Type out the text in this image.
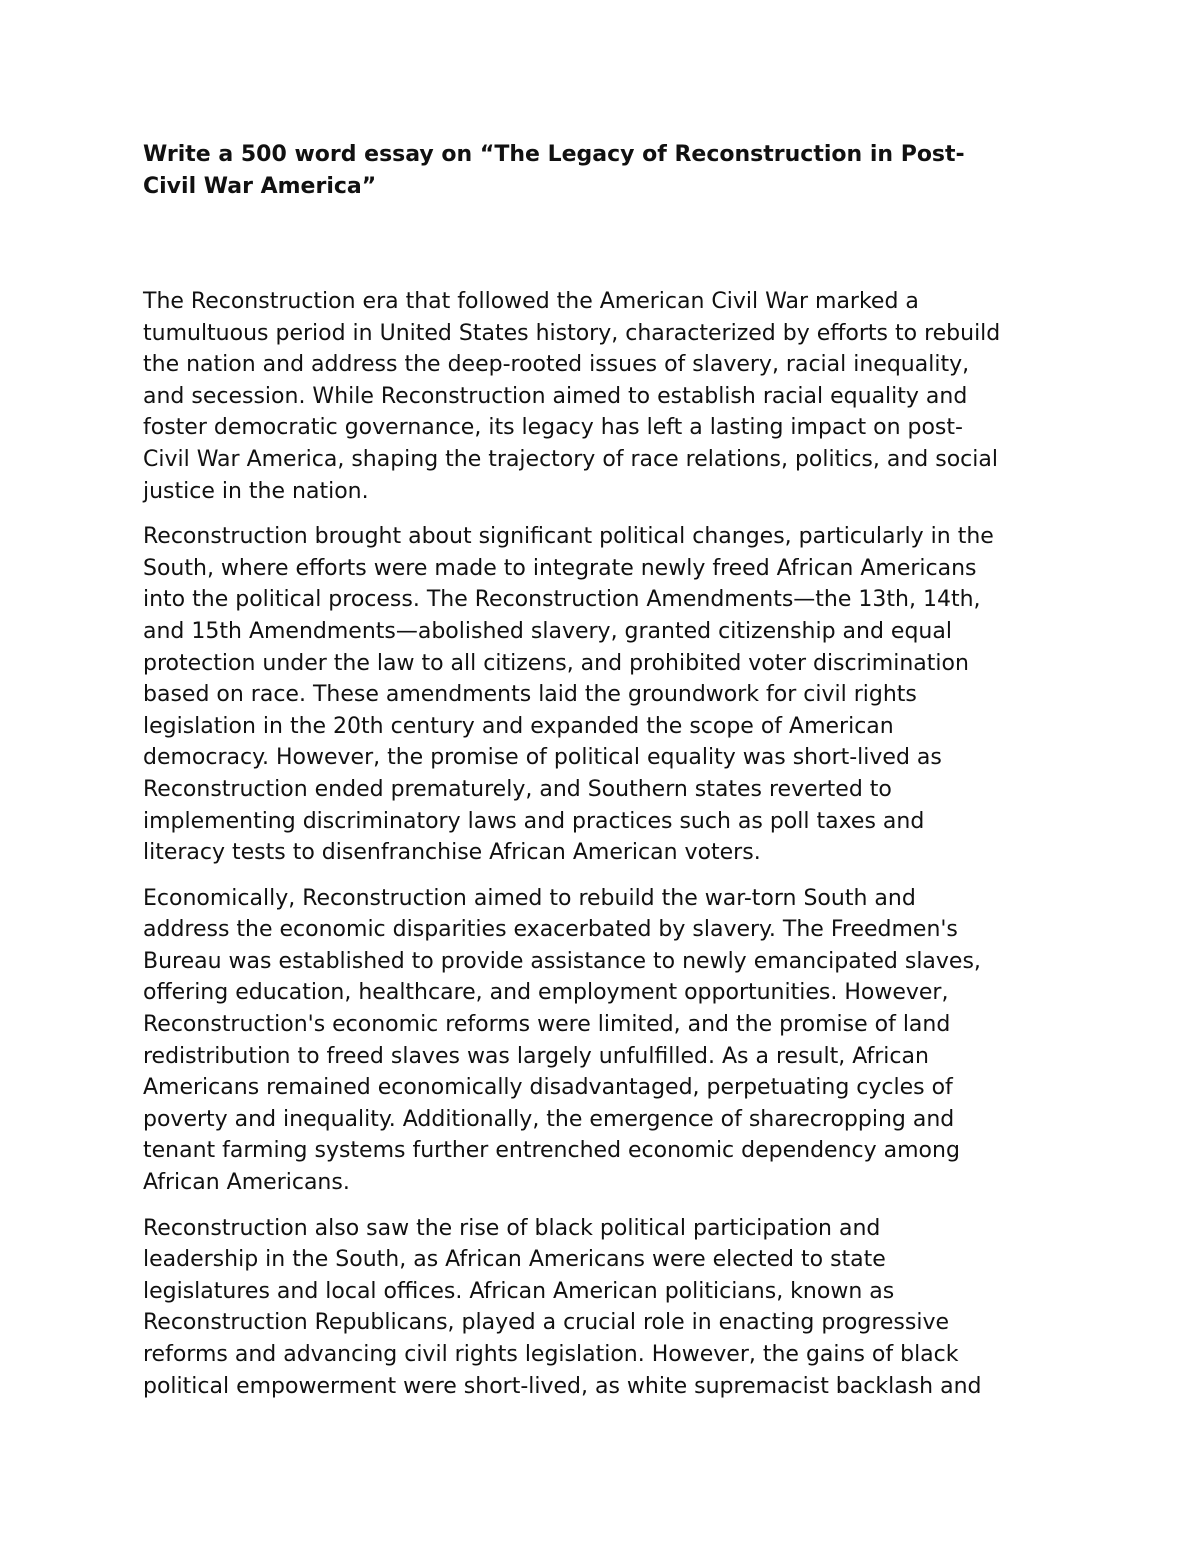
Write a 500 word essay on “The Legacy of Reconstruction in Post-
Civil War America”
The Reconstruction era that followed the American Civil War marked a
tumultuous period in United States history, characterized by efforts to rebuild
the nation and address the deep-rooted issues of slavery, racial inequality,
and secession. While Reconstruction aimed to establish racial equality and
foster democratic governance, its legacy has left a lasting impact on post-
Civil War America, shaping the trajectory of race relations, politics, and social
justice in the nation.
Reconstruction brought about significant political changes, particularly in the
South, where efforts were made to integrate newly freed African Americans
into the political process. The Reconstruction Amendments—the 13th, 14th,
and 15th Amendments—abolished slavery, granted citizenship and equal
protection under the law to all citizens, and prohibited voter discrimination
based on race. These amendments laid the groundwork for civil rights
legislation in the 20th century and expanded the scope of American
democracy. However, the promise of political equality was short-lived as
Reconstruction ended prematurely, and Southern states reverted to
implementing discriminatory laws and practices such as poll taxes and
literacy tests to disenfranchise African American voters.
Economically, Reconstruction aimed to rebuild the war-torn South and
address the economic disparities exacerbated by slavery. The Freedmen's
Bureau was established to provide assistance to newly emancipated slaves,
offering education, healthcare, and employment opportunities. However,
Reconstruction's economic reforms were limited, and the promise of land
redistribution to freed slaves was largely unfulfilled. As a result, African
Americans remained economically disadvantaged, perpetuating cycles of
poverty and inequality. Additionally, the emergence of sharecropping and
tenant farming systems further entrenched economic dependency among
African Americans.
Reconstruction also saw the rise of black political participation and
leadership in the South, as African Americans were elected to state
legislatures and local offices. African American politicians, known as
Reconstruction Republicans, played a crucial role in enacting progressive
reforms and advancing civil rights legislation. However, the gains of black
political empowerment were short-lived, as white supremacist backlash and
